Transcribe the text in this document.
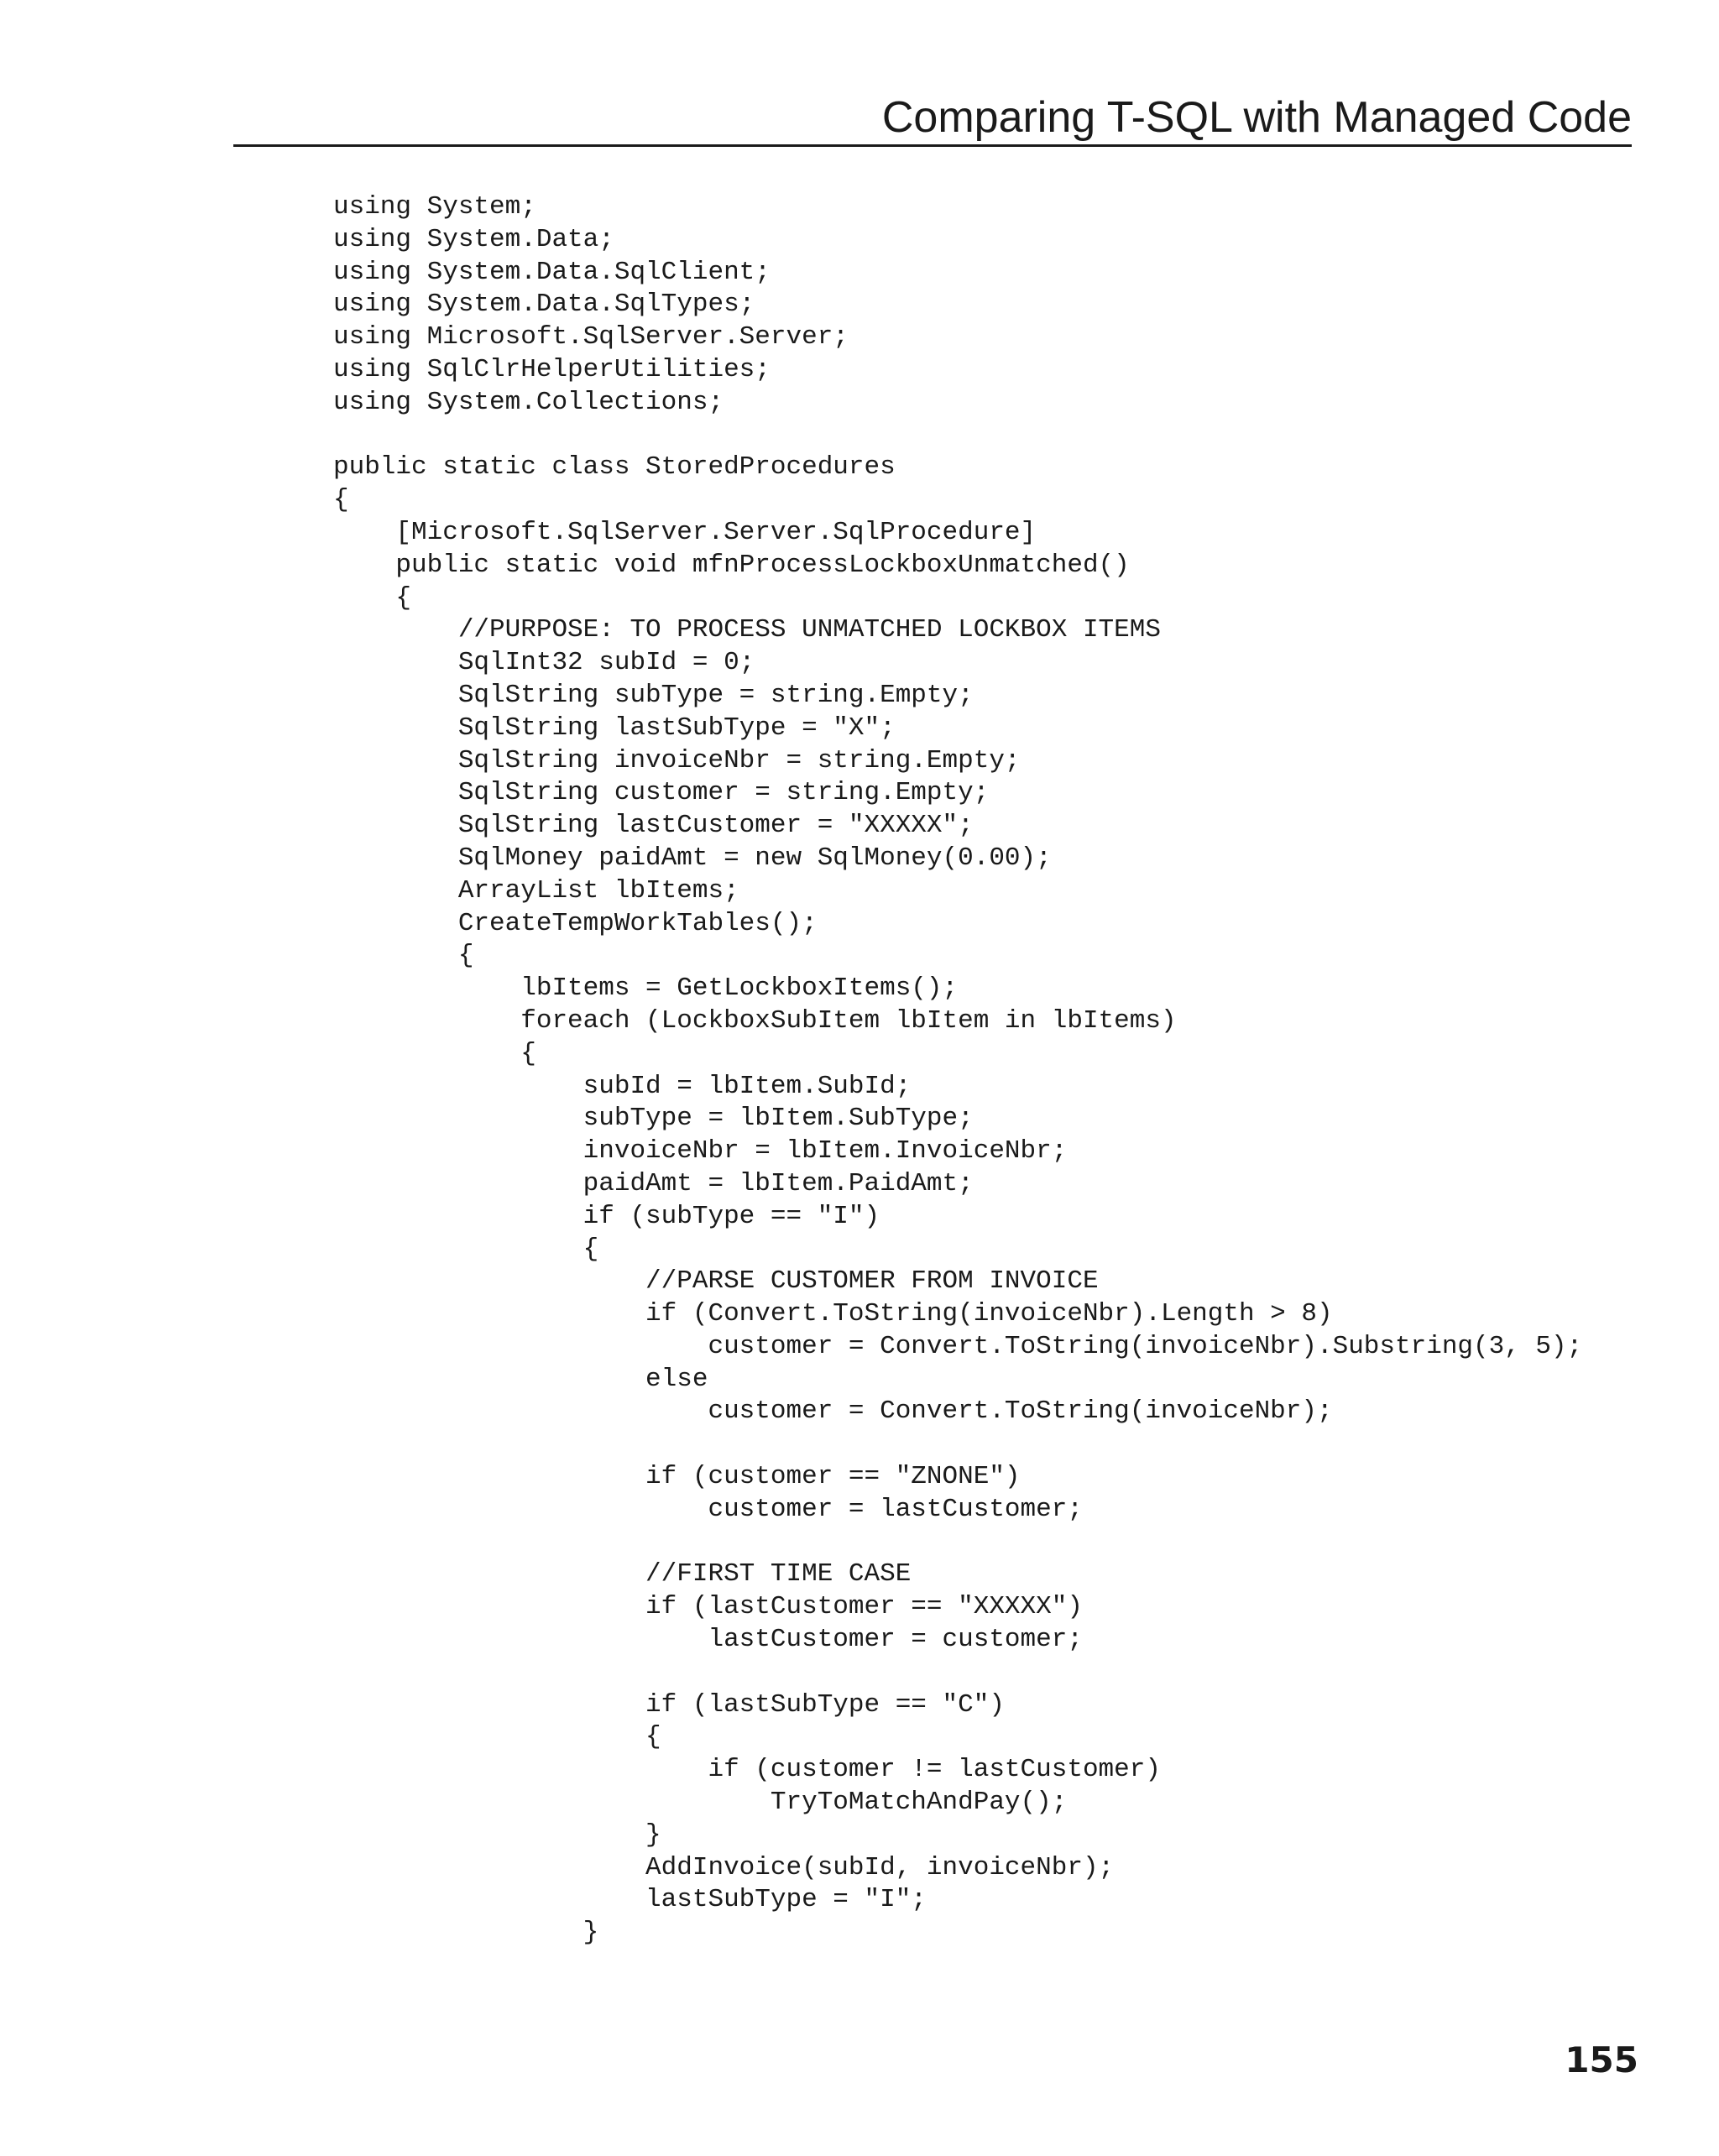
Comparing T-SQL with Managed Code
using System;
using System.Data;
using System.Data.SqlClient;
using System.Data.SqlTypes;
using Microsoft.SqlServer.Server;
using SqlClrHelperUtilities;
using System.Collections;
public static class StoredProcedures
{
[Microsoft.SqlServer.Server.SqlProcedure]
public static void mfnProcessLockboxUnmatched()
{
//PURPOSE: TO PROCESS UNMATCHED LOCKBOX ITEMS
SqlInt32 subId = 0;
SqlString subType = string.Empty;
SqlString lastSubType = "X";
SqlString invoiceNbr = string.Empty;
SqlString customer = string.Empty;
SqlString lastCustomer = "XXXXX";
SqlMoney paidAmt = new SqlMoney(0.00);
ArrayList lbItems;
CreateTempWorkTables();
{
lbItems = GetLockboxItems();
foreach (LockboxSubItem lbItem in lbItems)
{
subId = lbItem.SubId;
subType = lbItem.SubType;
invoiceNbr = lbItem.InvoiceNbr;
paidAmt = lbItem.PaidAmt;
if (subType == "I")
{
//PARSE CUSTOMER FROM INVOICE
if (Convert.ToString(invoiceNbr).Length > 8)
customer = Convert.ToString(invoiceNbr).Substring(3, 5);
else
customer = Convert.ToString(invoiceNbr);
if (customer == "ZNONE")
customer = lastCustomer;
//FIRST TIME CASE
if (lastCustomer == "XXXXX")
lastCustomer = customer;
if (lastSubType == "C")
{
if (customer != lastCustomer)
TryToMatchAndPay();
}
AddInvoice(subId, invoiceNbr);
lastSubType = "I";
}
155
